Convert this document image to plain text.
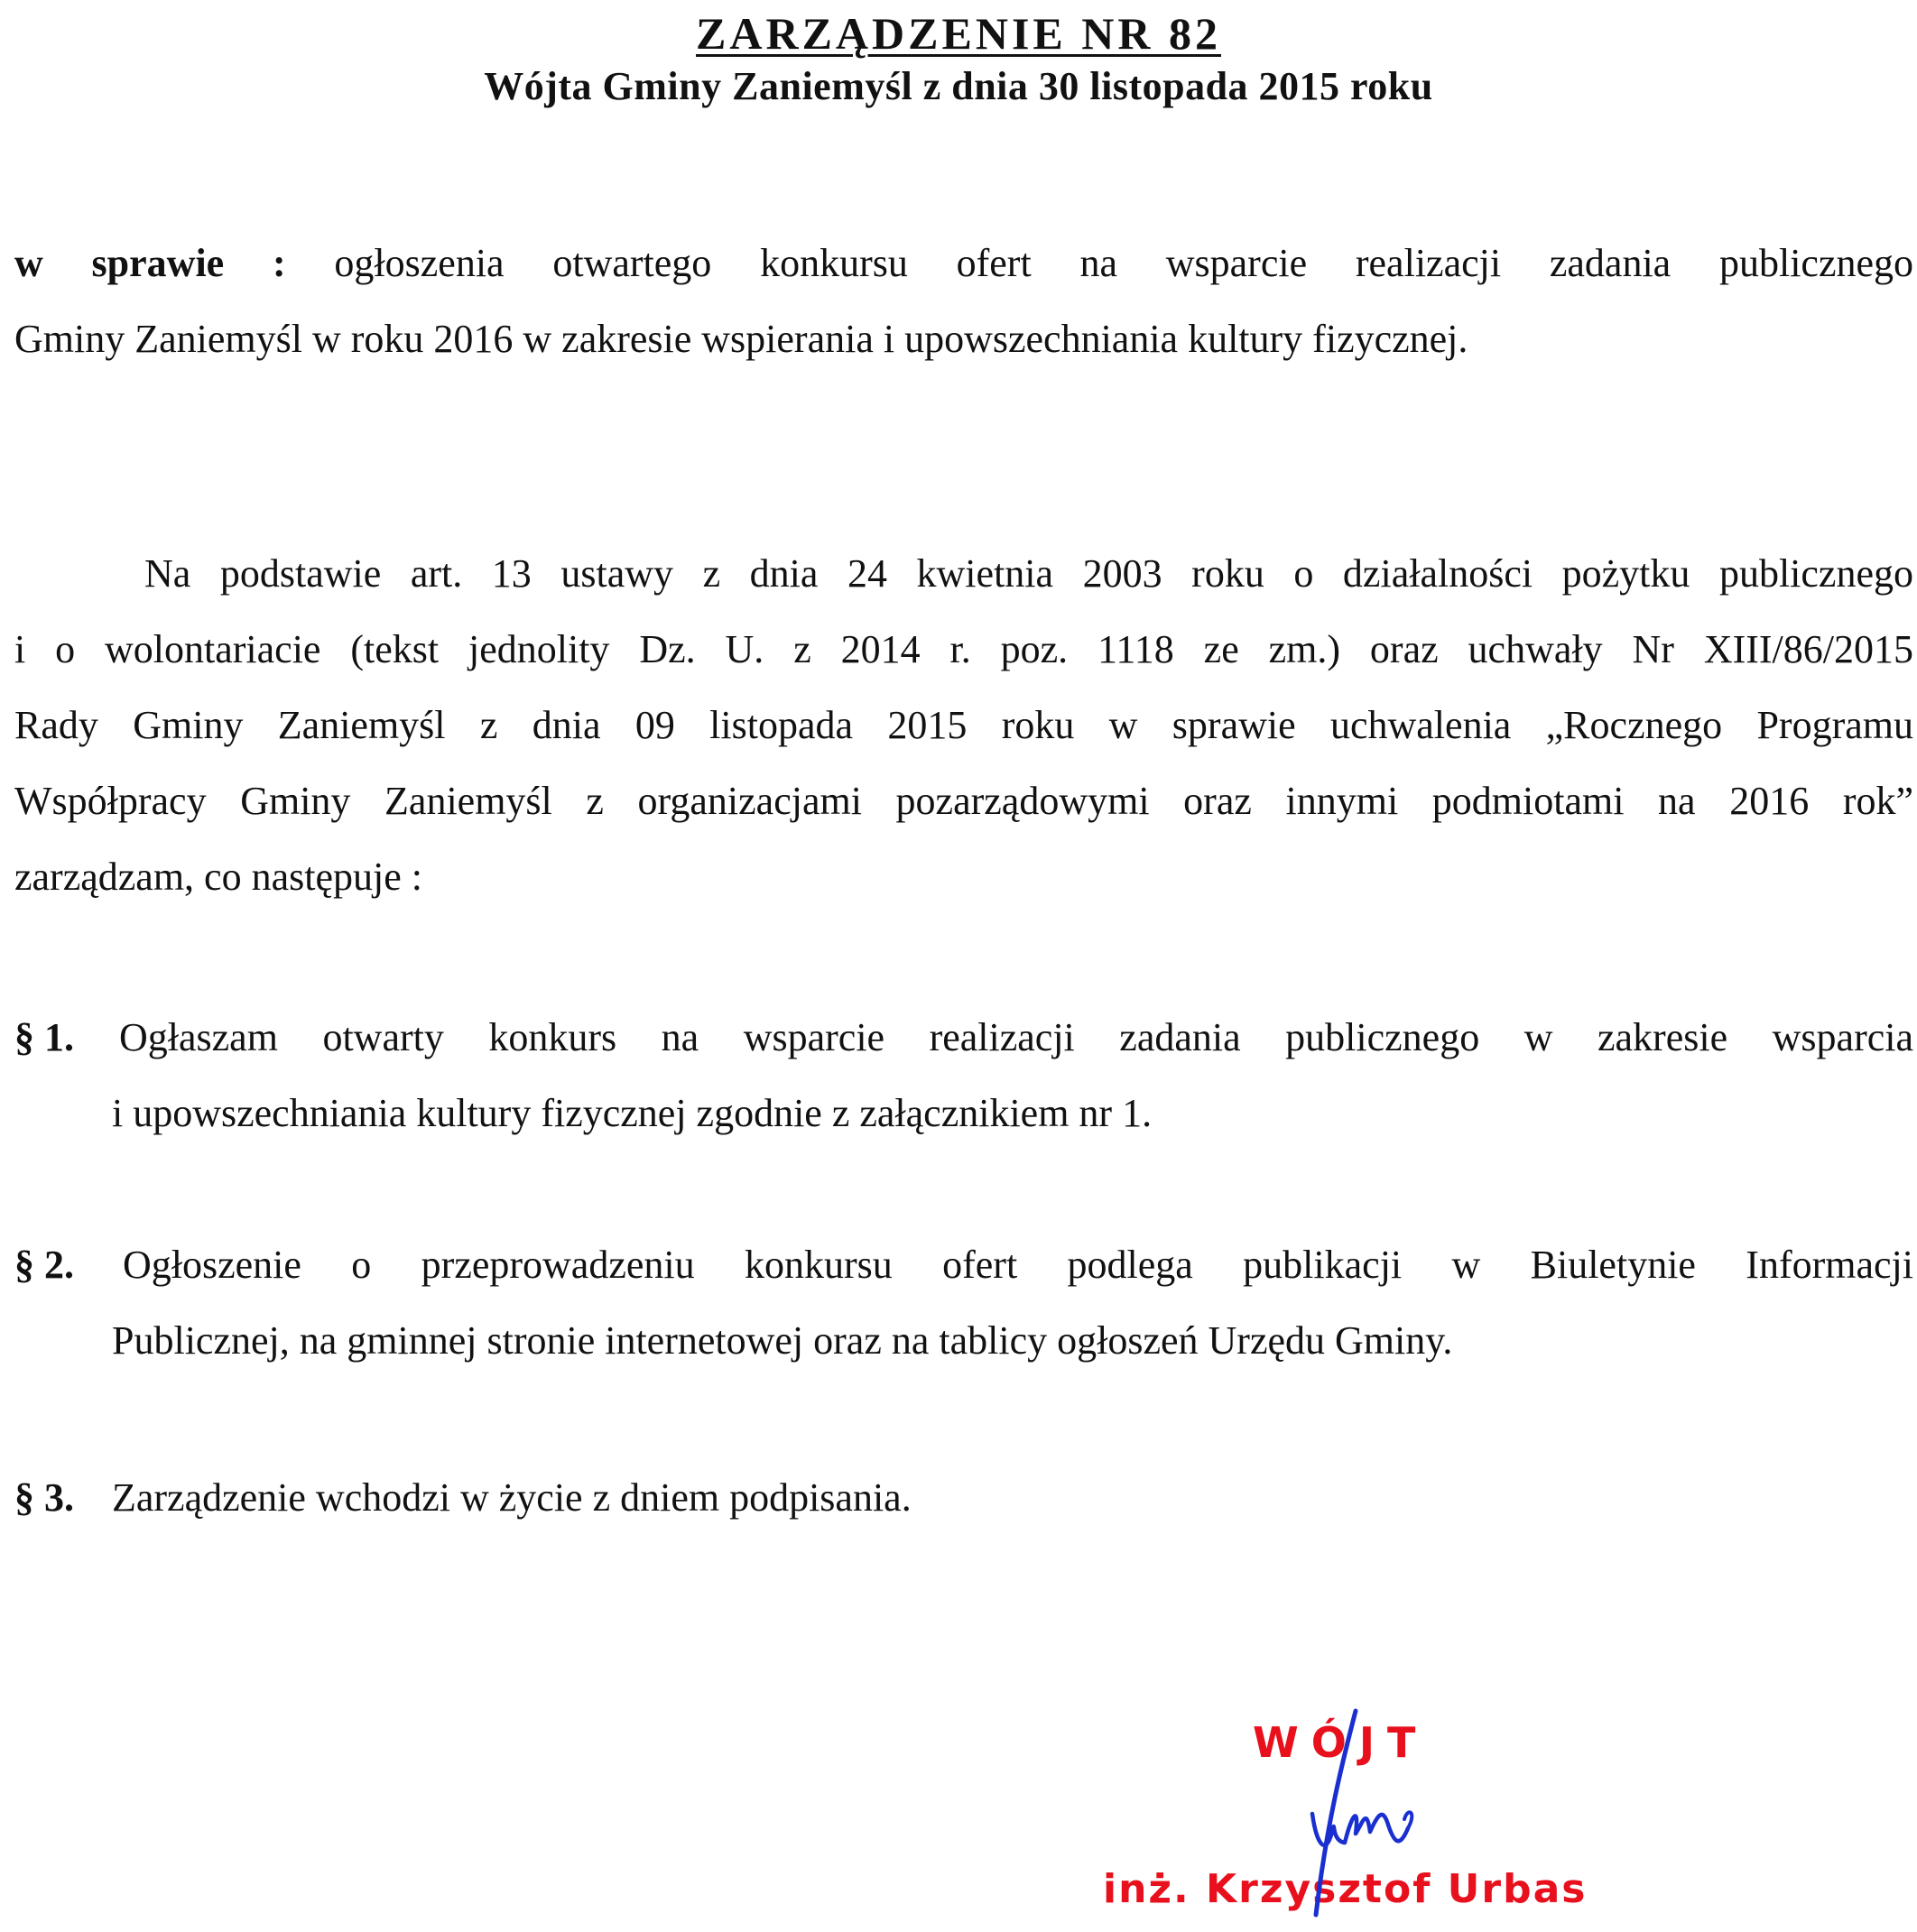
ZARZĄDZENIE NR 82
Wójta Gminy Zaniemyśl z dnia 30 listopada 2015 roku
w sprawie : ogłoszenia otwartego konkursu ofert na wsparcie realizacji zadania publicznego
Gminy Zaniemyśl w roku 2016 w zakresie wspierania i upowszechniania kultury fizycznej.
Na podstawie art. 13 ustawy z dnia 24 kwietnia 2003 roku o działalności pożytku publicznego
i o wolontariacie (tekst jednolity Dz. U. z 2014 r. poz. 1118 ze zm.) oraz uchwały Nr XIII/86/2015
Rady Gminy Zaniemyśl z dnia 09 listopada 2015 roku w sprawie uchwalenia „Rocznego Programu
Współpracy Gminy Zaniemyśl z organizacjami pozarządowymi oraz innymi podmiotami na 2016 rok”
zarządzam, co następuje :
§ 1. Ogłaszam otwarty konkurs na wsparcie realizacji zadania publicznego w zakresie wsparcia
i upowszechniania kultury fizycznej zgodnie z załącznikiem nr 1.
§ 2. Ogłoszenie o przeprowadzeniu konkursu ofert podlega publikacji w Biuletynie Informacji
Publicznej, na gminnej stronie internetowej oraz na tablicy ogłoszeń Urzędu Gminy.
§ 3. Zarządzenie wchodzi w życie z dniem podpisania.
WÓJT
inż. Krzysztof Urbas
